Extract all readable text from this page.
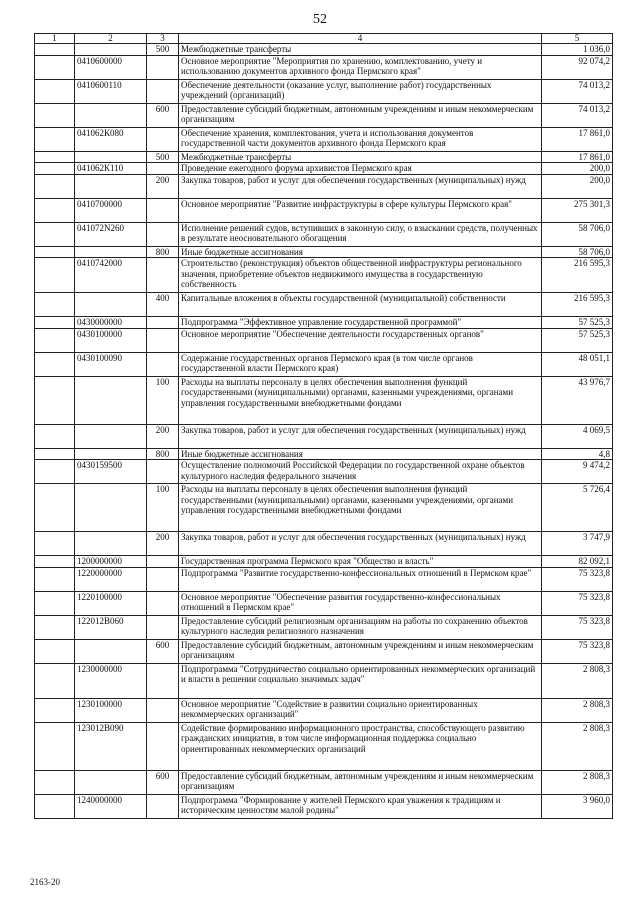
52
1	2	3	4	5
		500	Межбюджетные трансферты	1 036,0
	0410600000		Основное мероприятие "Мероприятия по хранению, комплектованию, учету и использованию документов архивного фонда Пермского края"	92 074,2
	0410600110		Обеспечение деятельности (оказание услуг, выполнение работ) государственных учреждений (организаций)	74 013,2
		600	Предоставление субсидий бюджетным, автономным учреждениям и иным некоммерческим организациям	74 013,2
	041062К080		Обеспечение хранения, комплектования, учета и использования документов государственной части документов архивного фонда Пермского края	17 861,0
		500	Межбюджетные трансферты	17 861,0
	041062К110		Проведение ежегодного форума архивистов Пермского края	200,0
		200	Закупка товаров, работ и услуг для обеспечения государственных (муниципальных) нужд	200,0
	0410700000		Основное мероприятие "Развитие инфраструктуры в сфере культуры Пермского края"	275 301,3
	041072N260		Исполнение решений судов, вступивших в законную силу, о взыскании средств, полученных в результате неосновательного обогащения	58 706,0
		800	Иные бюджетные ассигнования	58 706,0
	0410742000		Строительство (реконструкция) объектов общественной инфраструктуры регионального значения, приобретение объектов недвижимого имущества в государственную собственность	216 595,3
		400	Капитальные вложения в объекты государственной (муниципальной) собственности	216 595,3
	0430000000		Подпрограмма "Эффективное управление государственной программой"	57 525,3
	0430100000		Основное мероприятие "Обеспечение деятельности государственных органов"	57 525,3
	0430100090		Содержание государственных органов Пермского края (в том числе органов государственной власти Пермского края)	48 051,1
		100	Расходы на выплаты персоналу в целях обеспечения выполнения функций государственными (муниципальными) органами, казенными учреждениями, органами управления государственными внебюджетными фондами	43 976,7
		200	Закупка товаров, работ и услуг для обеспечения государственных (муниципальных) нужд	4 069,5
		800	Иные бюджетные ассигнования	4,8
	0430159500		Осуществление полномочий Российской Федерации по государственной охране объектов культурного наследия федерального значения	9 474,2
		100	Расходы на выплаты персоналу в целях обеспечения выполнения функций государственными (муниципальными) органами, казенными учреждениями, органами управления государственными внебюджетными фондами	5 726,4
		200	Закупка товаров, работ и услуг для обеспечения государственных (муниципальных) нужд	3 747,9
	1200000000		Государственная программа Пермского края "Общество и власть"	82 092,1
	1220000000		Подпрограмма "Развитие государственно-конфессиональных отношений в Пермском крае"	75 323,8
	1220100000		Основное мероприятие "Обеспечение развития государственно-конфессиональных отношений в Пермском крае"	75 323,8
	122012В060		Предоставление субсидий религиозным организациям на работы по сохранению объектов культурного наследия религиозного назначения	75 323,8
		600	Предоставление субсидий бюджетным, автономным учреждениям и иным некоммерческим организациям	75 323,8
	1230000000		Подпрограмма "Сотрудничество социально ориентированных некоммерческих организаций и власти в решении социально значимых задач"	2 808,3
	1230100000		Основное мероприятие "Содействие в развитии социально ориентированных некоммерческих организаций"	2 808,3
	123012В090		Содействие формированию информационного пространства, способствующего развитию гражданских инициатив, в том числе информационная поддержка социально ориентированных некоммерческих организаций	2 808,3
		600	Предоставление субсидий бюджетным, автономным учреждениям и иным некоммерческим организациям	2 808,3
	1240000000		Подпрограмма "Формирование у жителей Пермского края уважения к традициям и историческим ценностям малой родины"	3 960,0
2163-20
